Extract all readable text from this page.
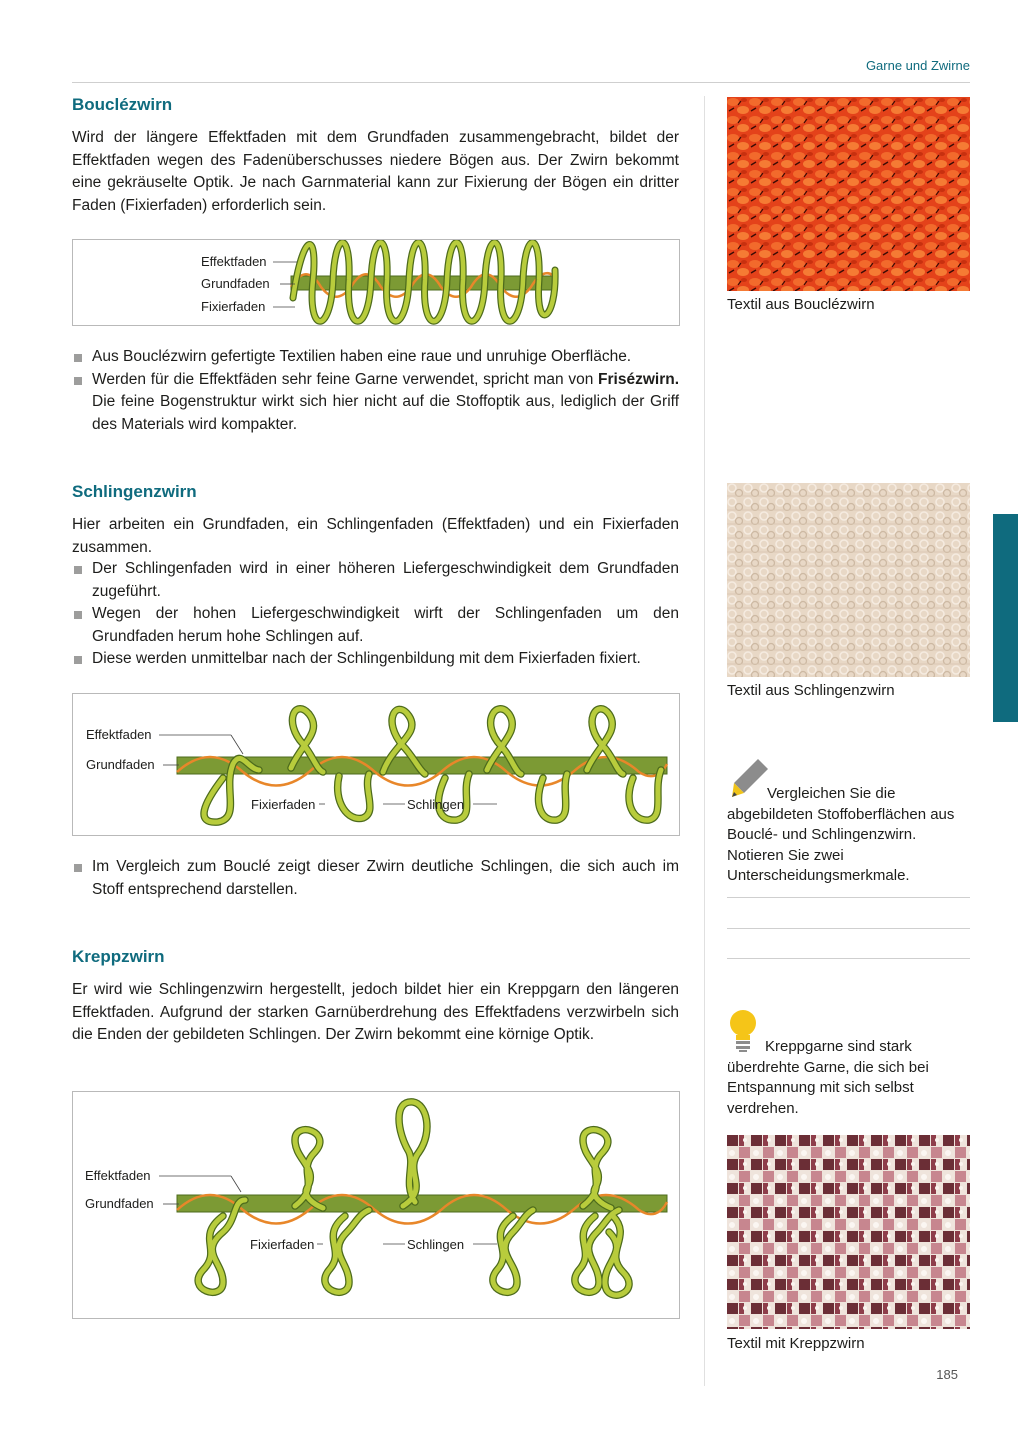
Garne und Zwirne
Bouclézwirn

Wird der längere Effektfaden mit dem Grundfaden zusammengebracht, bildet der Effektfaden wegen des Fadenüberschusses niedere Bögen aus. Der Zwirn bekommt eine gekräuselte Optik. Je nach Garnmaterial kann zur Fixierung der Bögen ein dritter Faden (Fixierfaden) erforderlich sein.

Effektfaden
Grundfaden
Fixierfaden
Aus Bouclézwirn gefertigte Textilien haben eine raue und unruhige Oberfläche.
Werden für die Effektfäden sehr feine Garne verwendet, spricht man von Frisézwirn. Die feine Bogenstruktur wirkt sich hier nicht auf die Stoffoptik aus, lediglich der Griff des Materials wird kompakter.
Schlingenzwirn

Hier arbeiten ein Grundfaden, ein Schlingenfaden (Effektfaden) und ein Fixierfaden zusammen.

Der Schlingenfaden wird in einer höheren Liefergeschwindigkeit dem Grundfaden zugeführt.
Wegen der hohen Liefergeschwindigkeit wirft der Schlingenfaden um den Grundfaden herum hohe Schlingen auf.
Diese werden unmittelbar nach der Schlingenbildung mit dem Fixierfaden fixiert.
Effektfaden
Grundfaden
Fixierfaden	Schlingen
Im Vergleich zum Bouclé zeigt dieser Zwirn deutliche Schlingen, die sich auch im Stoff entsprechend darstellen.
Kreppzwirn

Er wird wie Schlingenzwirn hergestellt, jedoch bildet hier ein Kreppgarn den längeren Effektfaden. Aufgrund der starken Garnüberdrehung des Effektfadens verzwirbeln sich die Enden der gebildeten Schlingen. Der Zwirn bekommt eine körnige Optik.

Effektfaden
Grundfaden
Fixierfaden	Schlingen
Textil aus Bouclézwirn
Textil aus Schlingenzwirn
Vergleichen Sie die abgebildeten Stoffoberflächen aus Bouclé- und Schlingenzwirn. Notieren Sie zwei Unterscheidungsmerkmale.
Kreppgarne sind stark überdrehte Garne, die sich bei Entspannung mit sich selbst verdrehen.
Textil mit Kreppzwirn
185
